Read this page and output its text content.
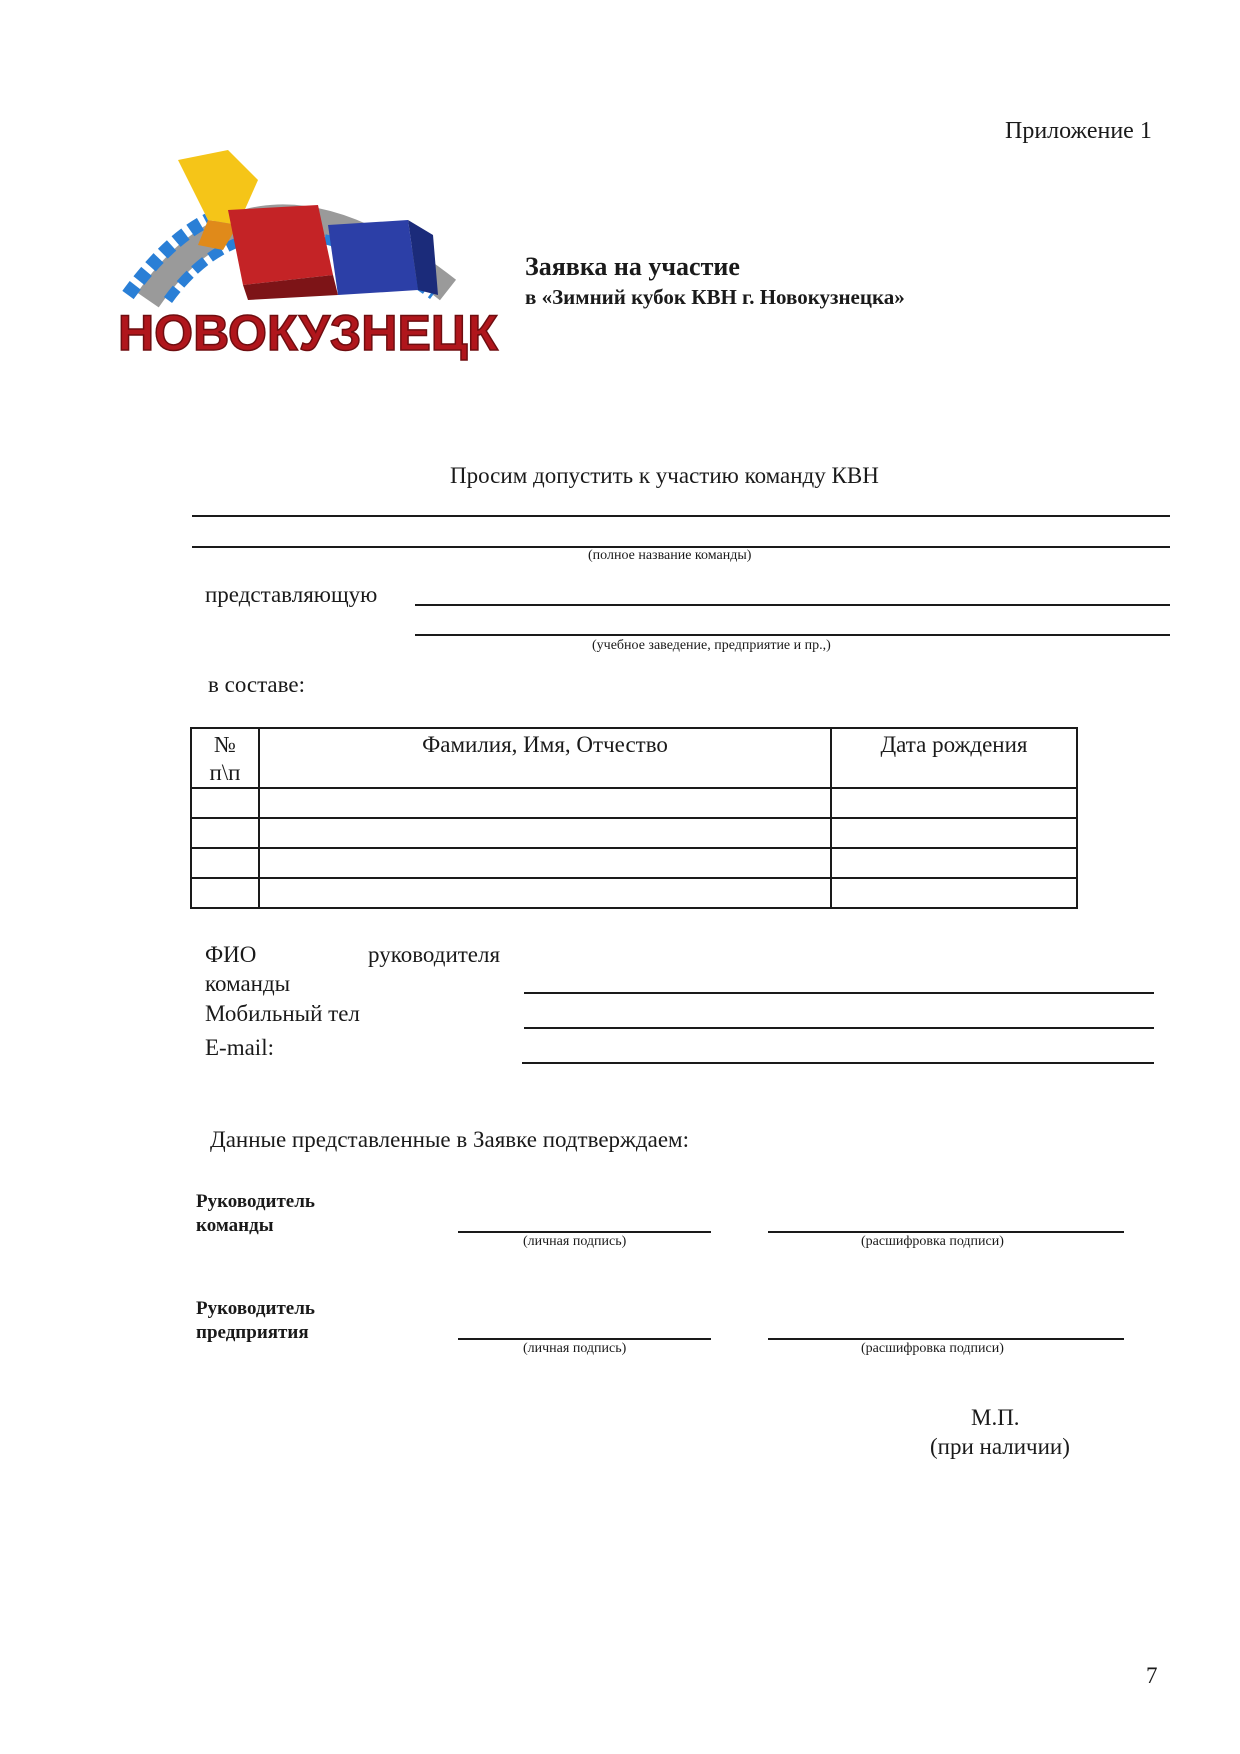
Приложение 1
НОВОКУЗНЕЦК
Заявка на участие
в «Зимний кубок КВН г. Новокузнецка»
Просим допустить к участию команду КВН
(полное название команды)
представляющую
(учебное заведение, предприятие и пр.,)
в составе:
№
п\п	Фамилия, Имя, Отчество	Дата рождения

ФИО	руководителя
команды
Мобильный тел
E-mail:
Данные представленные в Заявке подтверждаем:
Руководитель
команды
(личная подпись)	(расшифровка подписи)
Руководитель
предприятия
(личная подпись)	(расшифровка подписи)
М.П.
(при наличии)
7
